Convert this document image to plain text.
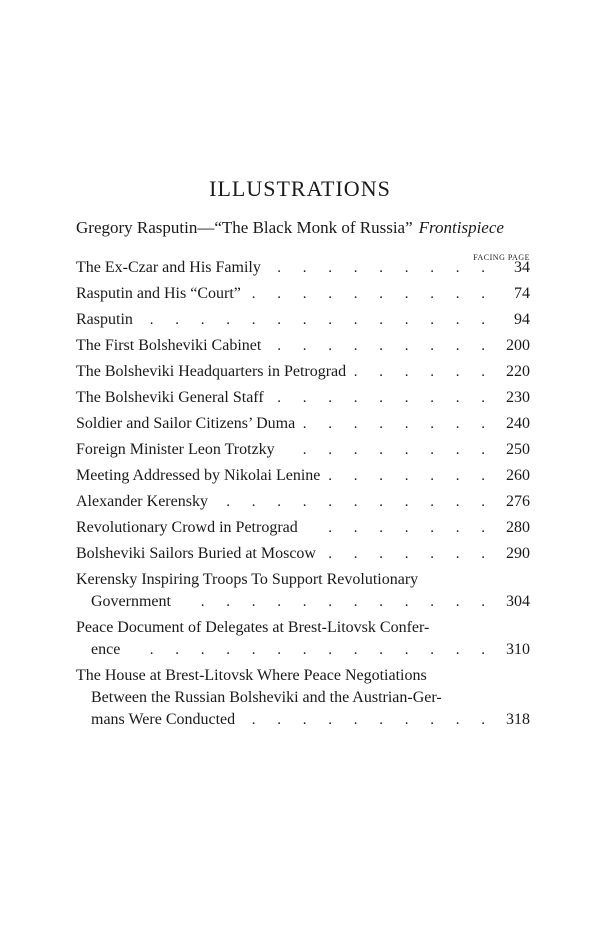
ILLUSTRATIONS
Gregory Rasputin—“The Black Monk of Russia” Frontispiece
FACING PAGE
The Ex-Czar and His Family . . .	34
Rasputin and His “Court” . . .	74
Rasputin . . .	94
The First Bolsheviki Cabinet . . .	200
The Bolsheviki Headquarters in Petrograd . . .	220
The Bolsheviki General Staff . . .	230
Soldier and Sailor Citizens’ Duma . . .	240
Foreign Minister Leon Trotzky . . .	250
Meeting Addressed by Nikolai Lenine . . .	260
Alexander Kerensky . . .	276
Revolutionary Crowd in Petrograd . . .	280
Bolsheviki Sailors Buried at Moscow . . .	290
Kerensky Inspiring Troops To Support Revolutionary
Government . . .	304
Peace Document of Delegates at Brest-Litovsk Confer-
ence . . .	310
The House at Brest-Litovsk Where Peace Negotiations
Between the Russian Bolsheviki and the Austrian-Ger-
mans Were Conducted . . .	318
